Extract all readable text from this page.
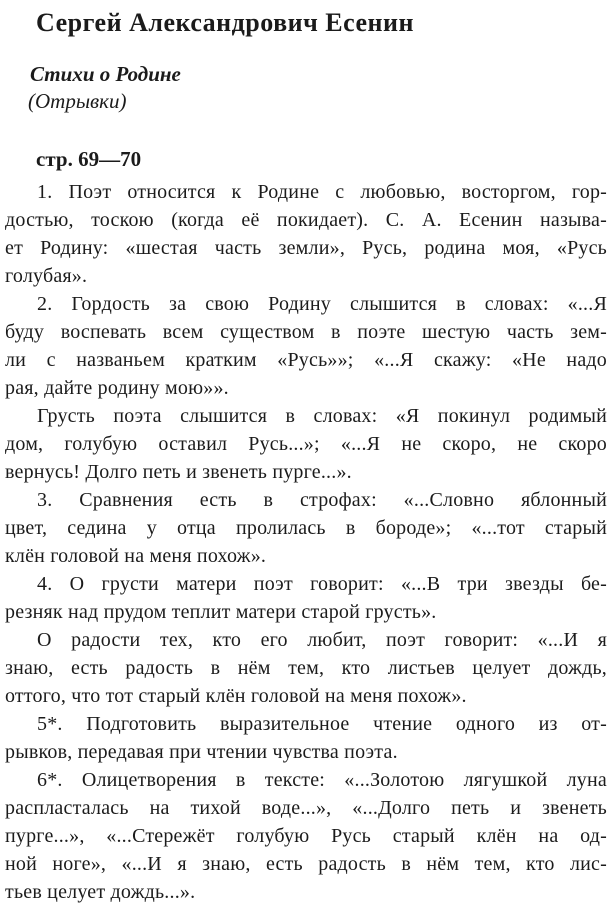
Сергей Александрович Есенин
Стихи о Родине
(Отрывки)
стр. 69—70

1. Поэт относится к Родине с любовью, восторгом, гор-
достью, тоскою (когда её покидает). С. А. Есенин называ-
ет Родину: «шестая часть земли», Русь, родина моя, «Русь
голубая».

2. Гордость за свою Родину слышится в словах: «...Я
буду воспевать всем существом в поэте шестую часть зем-
ли с названьем кратким «Русь»»; «...Я скажу: «Не надо
рая, дайте родину мою»».

Грусть поэта слышится в словах: «Я покинул родимый
дом, голубую оставил Русь...»; «...Я не скоро, не скоро
вернусь! Долго петь и звенеть пурге...».

3. Сравнения есть в строфах: «...Словно яблонный
цвет, седина у отца пролилась в бороде»; «...тот старый
клён головой на меня похож».

4. О грусти матери поэт говорит: «...В три звезды бе-
резняк над прудом теплит матери старой грусть».

О радости тех, кто его любит, поэт говорит: «...И я
знаю, есть радость в нём тем, кто листьев целует дождь,
оттого, что тот старый клён головой на меня похож».

5*. Подготовить выразительное чтение одного из от-
рывков, передавая при чтении чувства поэта.

6*. Олицетворения в тексте: «...Золотою лягушкой луна
распласталась на тихой воде...», «...Долго петь и звенеть
пурге...», «...Стережёт голубую Русь старый клён на од-
ной ноге», «...И я знаю, есть радость в нём тем, кто лис-
тьев целует дождь...».
